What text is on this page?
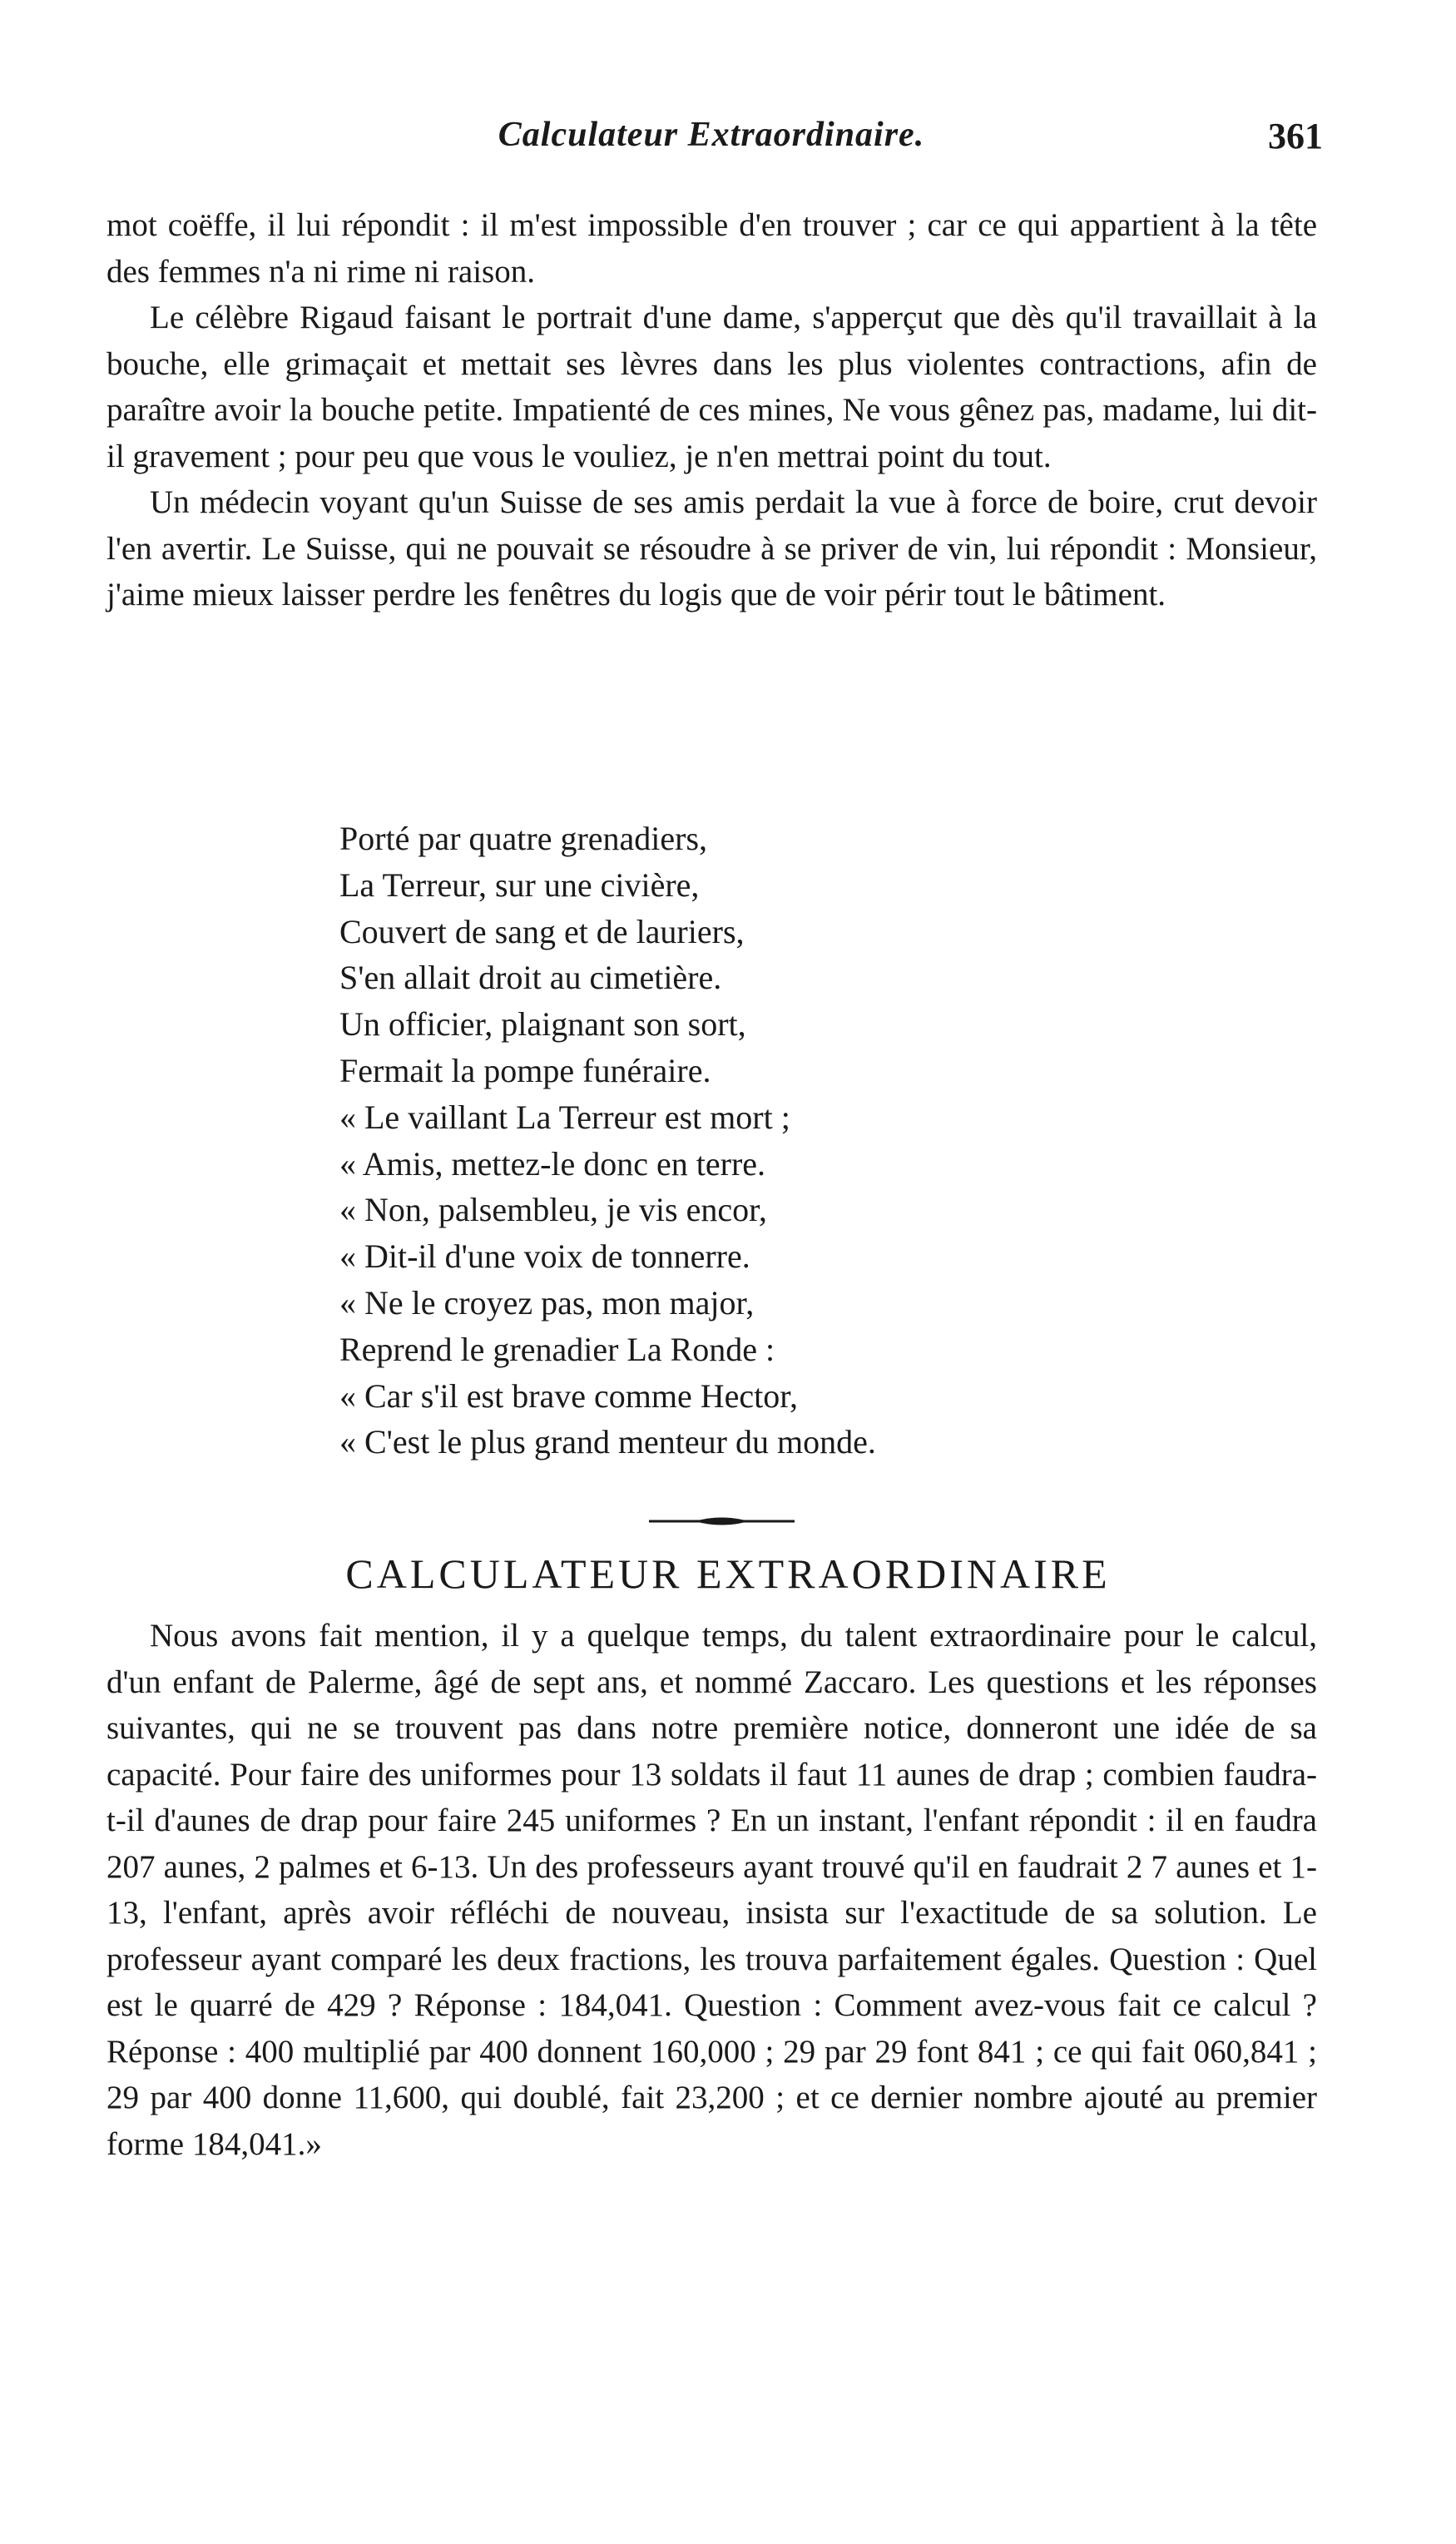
Calculateur Extraordinaire.	361

mot coëffe, il lui répondit : il m'est impossible d'en trouver ; car ce qui appartient à la tête des femmes n'a ni rime ni raison.

Le célèbre Rigaud faisant le portrait d'une dame, s'apperçut que dès qu'il travaillait à la bouche, elle grimaçait et mettait ses lèvres dans les plus violentes contractions, afin de paraître avoir la bouche petite. Impatienté de ces mines, Ne vous gênez pas, madame, lui dit-il gravement ; pour peu que vous le vouliez, je n'en mettrai point du tout.

Un médecin voyant qu'un Suisse de ses amis perdait la vue à force de boire, crut devoir l'en avertir. Le Suisse, qui ne pouvait se résoudre à se priver de vin, lui répondit : Monsieur, j'aime mieux laisser perdre les fenêtres du logis que de voir périr tout le bâtiment.

Porté par quatre grenadiers,
La Terreur, sur une civière,
Couvert de sang et de lauriers,
S'en allait droit au cimetière.
Un officier, plaignant son sort,
Fermait la pompe funéraire.
« Le vaillant La Terreur est mort ;
« Amis, mettez-le donc en terre.
« Non, palsembleu, je vis encor,
« Dit-il d'une voix de tonnerre.
« Ne le croyez pas, mon major,
Reprend le grenadier La Ronde :
« Car s'il est brave comme Hector,
« C'est le plus grand menteur du monde.
CALCULATEUR EXTRAORDINAIRE

Nous avons fait mention, il y a quelque temps, du talent extraordinaire pour le calcul, d'un enfant de Palerme, âgé de sept ans, et nommé Zaccaro. Les questions et les réponses suivantes, qui ne se trouvent pas dans notre première notice, donneront une idée de sa capacité. Pour faire des uniformes pour 13 soldats il faut 11 aunes de drap ; combien faudra-t-il d'aunes de drap pour faire 245 uniformes ? En un instant, l'enfant répondit : il en faudra 207 aunes, 2 palmes et 6-13. Un des professeurs ayant trouvé qu'il en faudrait 2 7 aunes et 1-13, l'enfant, après avoir réfléchi de nouveau, insista sur l'exactitude de sa solution. Le professeur ayant comparé les deux fractions, les trouva parfaitement égales. Question : Quel est le quarré de 429 ? Réponse : 184,041. Question : Comment avez-vous fait ce calcul ? Réponse : 400 multiplié par 400 donnent 160,000 ; 29 par 29 font 841 ; ce qui fait 060,841 ; 29 par 400 donne 11,600, qui doublé, fait 23,200 ; et ce dernier nombre ajouté au premier forme 184,041.»
